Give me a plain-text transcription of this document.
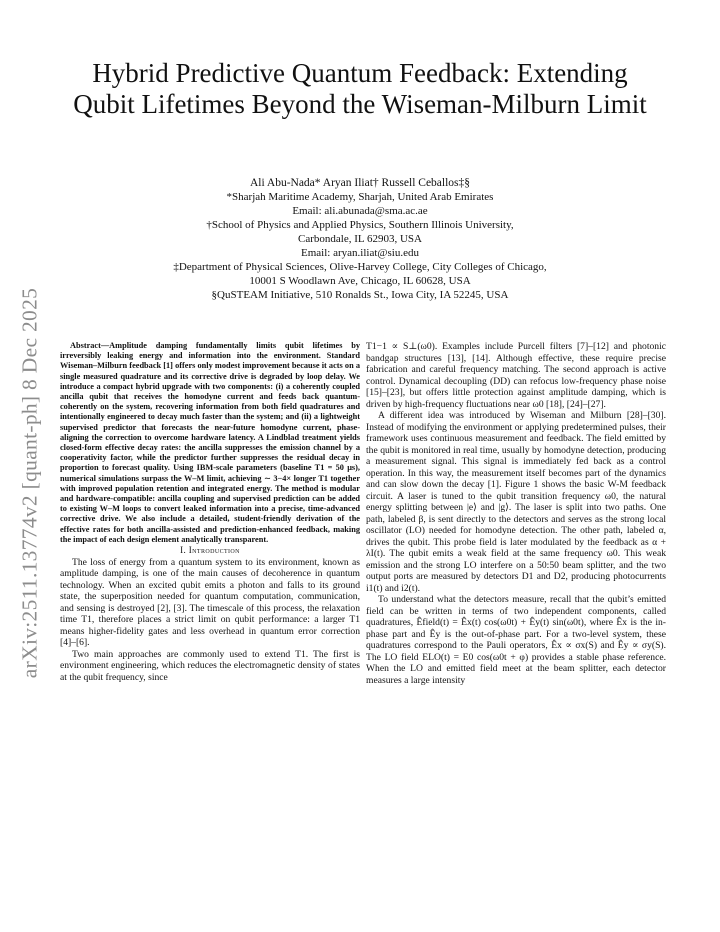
arXiv:2511.13774v2 [quant-ph] 8 Dec 2025
Hybrid Predictive Quantum Feedback: Extending Qubit Lifetimes Beyond the Wiseman-Milburn Limit
Ali Abu-Nada* Aryan Iliat† Russell Ceballos‡§
*Sharjah Maritime Academy, Sharjah, United Arab Emirates
Email: ali.abunada@sma.ac.ae
†School of Physics and Applied Physics, Southern Illinois University,
Carbondale, IL 62903, USA
Email: aryan.iliat@siu.edu
‡Department of Physical Sciences, Olive-Harvey College, City Colleges of Chicago,
10001 S Woodlawn Ave, Chicago, IL 60628, USA
§QuSTEAM Initiative, 510 Ronalds St., Iowa City, IA 52245, USA

Abstract—Amplitude damping fundamentally limits qubit lifetimes by irreversibly leaking energy and information into the environment. Standard Wiseman–Milburn feedback [1] offers only modest improvement because it acts on a single measured quadrature and its corrective drive is degraded by loop delay. We introduce a compact hybrid upgrade with two components: (i) a coherently coupled ancilla qubit that receives the homodyne current and feeds back quantum-coherently on the system, recovering information from both field quadratures and intentionally engineered to decay much faster than the system; and (ii) a lightweight supervised predictor that forecasts the near-future homodyne current, phase-aligning the correction to overcome hardware latency. A Lindblad treatment yields closed-form effective decay rates: the ancilla suppresses the emission channel by a cooperativity factor, while the predictor further suppresses the residual decay in proportion to forecast quality. Using IBM-scale parameters (baseline T1 = 50 μs), numerical simulations surpass the W–M limit, achieving ∼ 3−4× longer T1 together with improved population retention and integrated energy. The method is modular and hardware-compatible: ancilla coupling and supervised prediction can be added to existing W–M loops to convert leaked information into a precise, time-advanced corrective drive. We also include a detailed, student-friendly derivation of the effective rates for both ancilla-assisted and prediction-enhanced feedback, making the impact of each design element analytically transparent.

I. Introduction

The loss of energy from a quantum system to its environment, known as amplitude damping, is one of the main causes of decoherence in quantum technology. When an excited qubit emits a photon and falls to its ground state, the superposition needed for quantum computation, communication, and sensing is destroyed [2], [3]. The timescale of this process, the relaxation time T1, therefore places a strict limit on qubit performance: a larger T1 means higher-fidelity gates and less overhead in quantum error correction [4]–[6].

Two main approaches are commonly used to extend T1. The first is environment engineering, which reduces the electromagnetic density of states at the qubit frequency, since

T1−1 ∝ S⊥(ω0). Examples include Purcell filters [7]–[12] and photonic bandgap structures [13], [14]. Although effective, these require precise fabrication and careful frequency matching. The second approach is active control. Dynamical decoupling (DD) can refocus low-frequency phase noise [15]–[23], but offers little protection against amplitude damping, which is driven by high-frequency fluctuations near ω0 [18], [24]–[27].

A different idea was introduced by Wiseman and Milburn [28]–[30]. Instead of modifying the environment or applying predetermined pulses, their framework uses continuous measurement and feedback. The field emitted by the qubit is monitored in real time, usually by homodyne detection, producing a measurement signal. This signal is immediately fed back as a control operation. In this way, the measurement itself becomes part of the dynamics and can slow down the decay [1]. Figure 1 shows the basic W-M feedback circuit. A laser is tuned to the qubit transition frequency ω0, the natural energy splitting between |e⟩ and |g⟩. The laser is split into two paths. One path, labeled β, is sent directly to the detectors and serves as the strong local oscillator (LO) needed for homodyne detection. The other path, labeled α, drives the qubit. This probe field is later modulated by the feedback as α + λI(t). The qubit emits a weak field at the same frequency ω0. This weak emission and the strong LO interfere on a 50:50 beam splitter, and the two output ports are measured by detectors D1 and D2, producing photocurrents i1(t) and i2(t).

To understand what the detectors measure, recall that the qubit’s emitted field can be written in terms of two independent components, called quadratures, Êfield(t) = Êx(t) cos(ω0t) + Êy(t) sin(ω0t), where Êx is the in-phase part and Êy is the out-of-phase part. For a two-level system, these quadratures correspond to the Pauli operators, Êx ∝ σx(S) and Êy ∝ σy(S). The LO field ELO(t) = E0 cos(ω0t + φ) provides a stable phase reference. When the LO and emitted field meet at the beam splitter, each detector measures a large intensity
